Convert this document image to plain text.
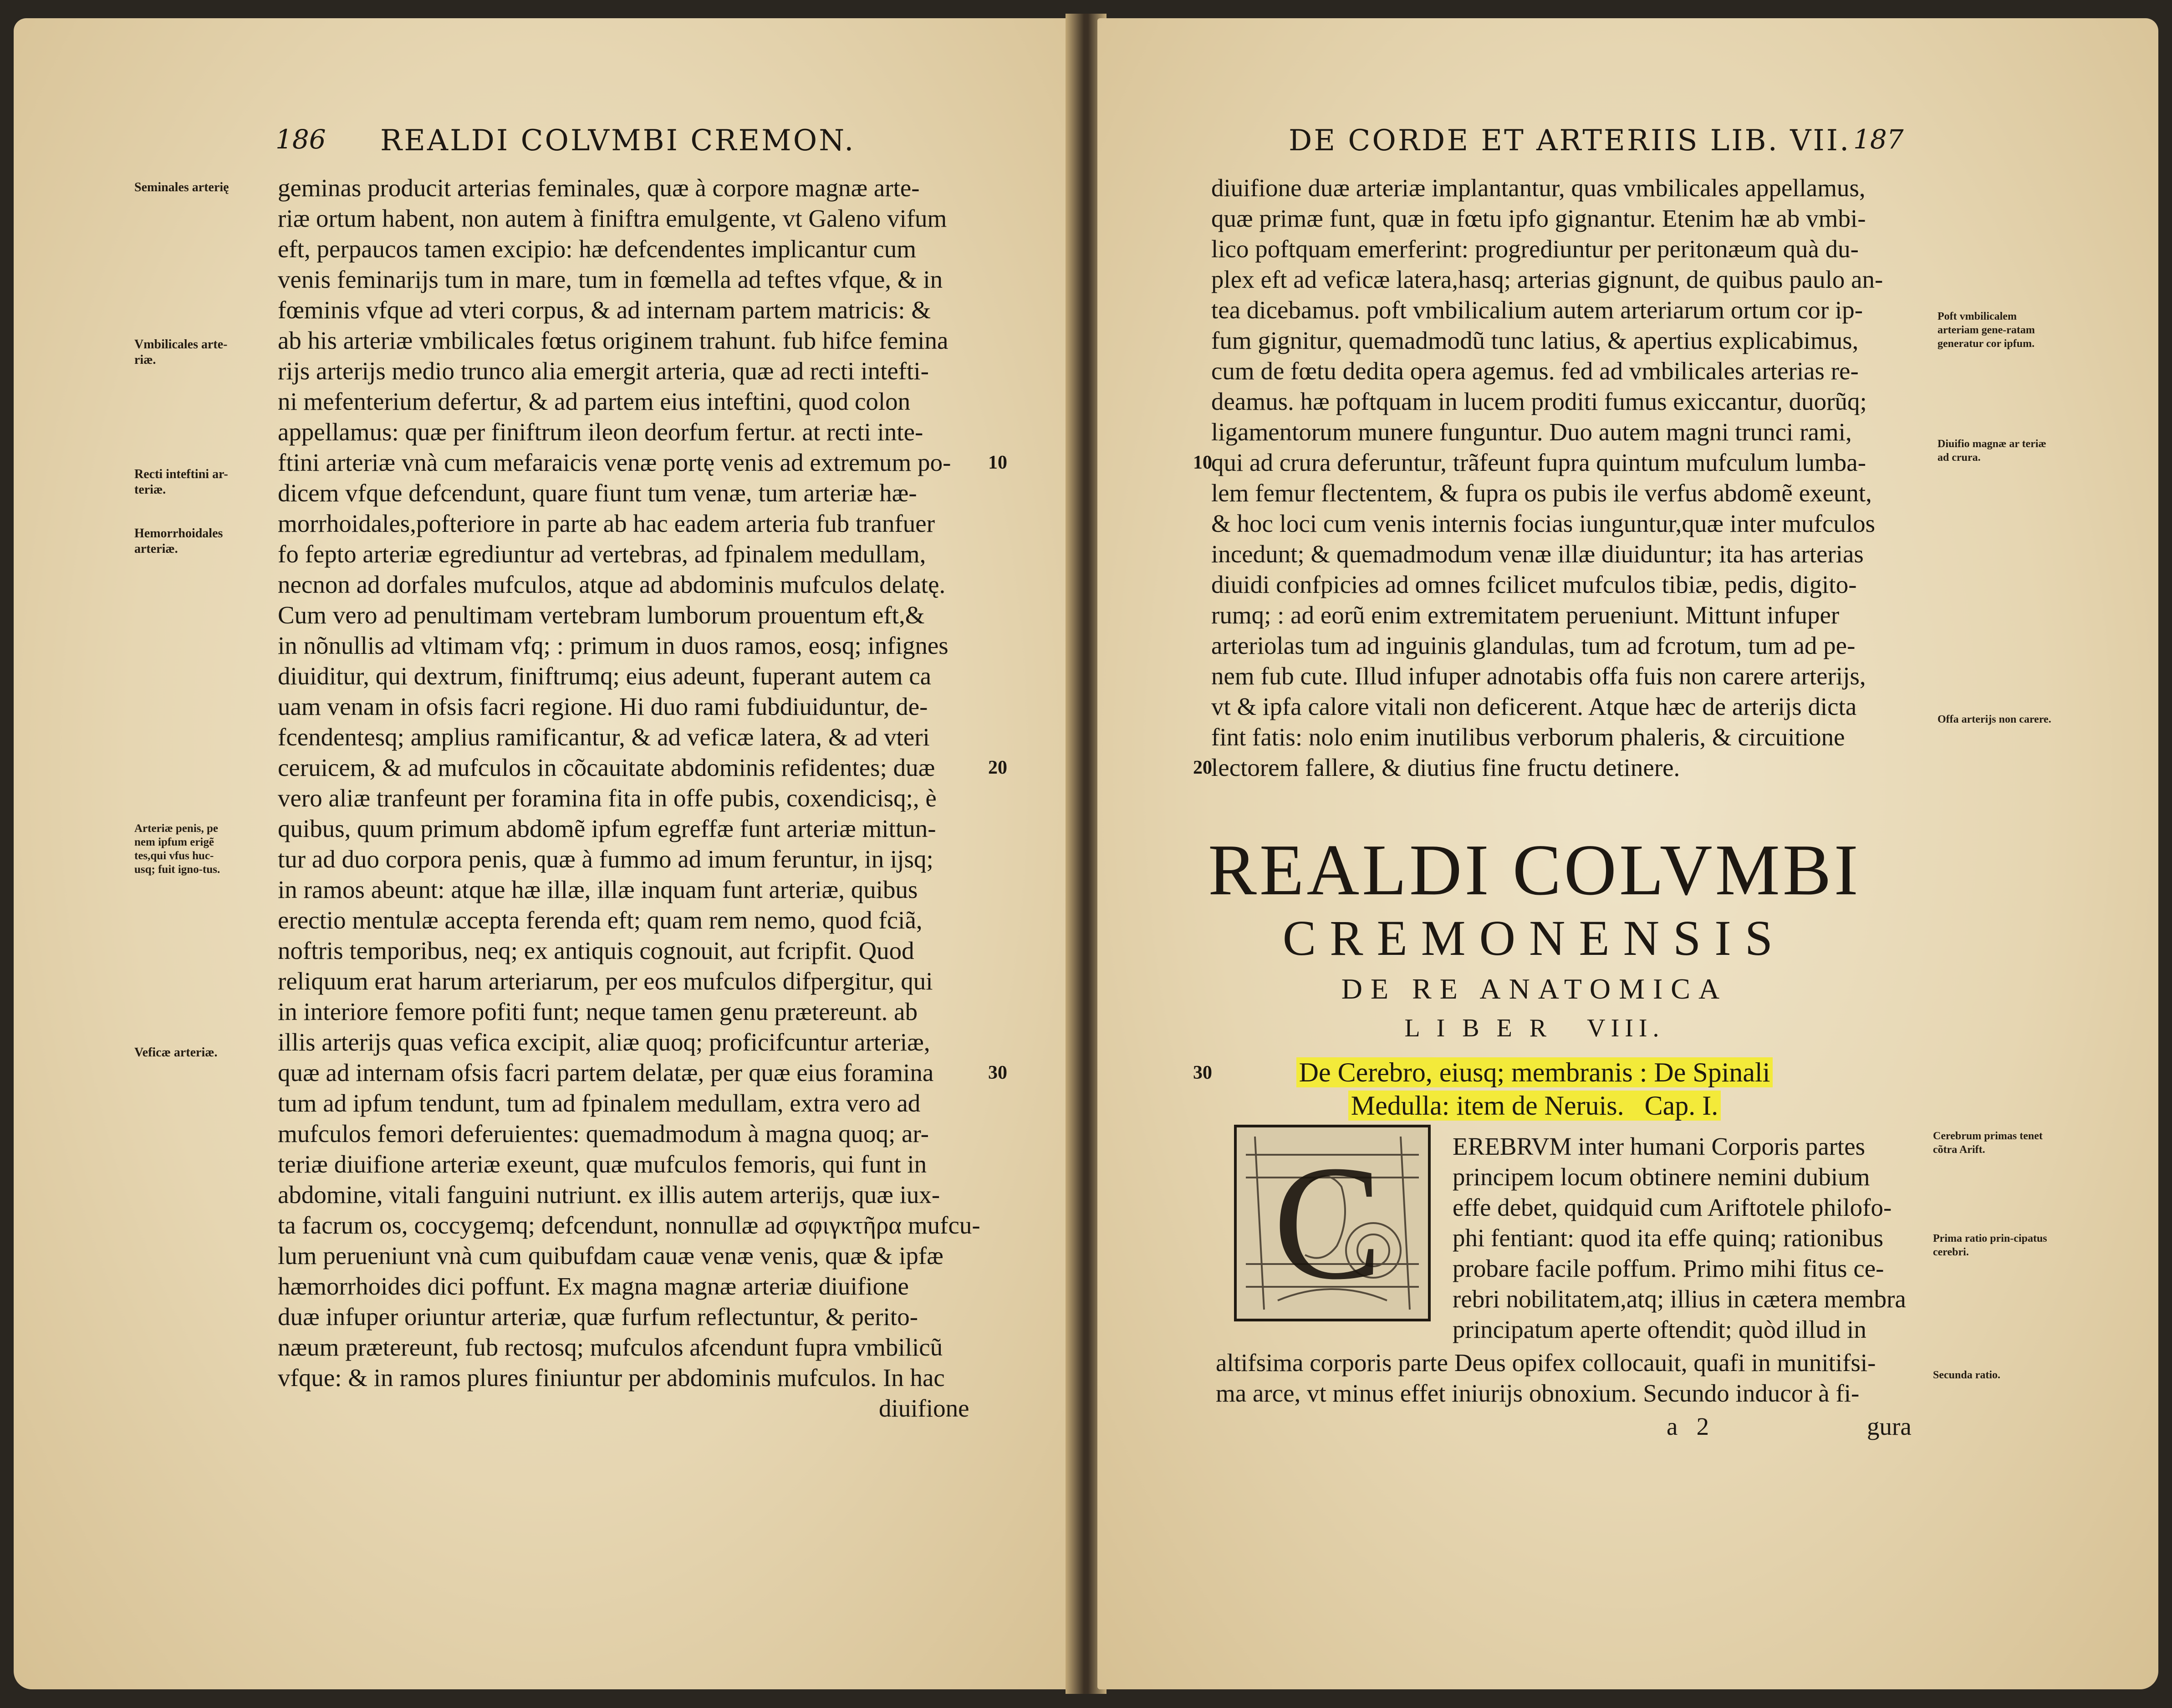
186 REALDI COLVMBI CREMON.
Seminales arterię
Vmbilicales arte-riæ.
Recti inteftini ar-teriæ.
Hemorrhoidales arteriæ.
Arteriæ penis, pe nem ipfum erigẽ tes,qui vfus huc-usq; fuit igno-tus.
Veficæ arteriæ.
geminas producit arterias feminales, quæ à corpore magnæ arte-
riæ ortum habent, non autem à finiftra emulgente, vt Galeno vifum
eft, perpaucos tamen excipio: hæ defcendentes implicantur cum
venis feminarijs tum in mare, tum in fœmella ad teftes vfque, & in
fœminis vfque ad vteri corpus, & ad internam partem matricis: &
ab his arteriæ vmbilicales fœtus originem trahunt. fub hifce femina
rijs arterijs medio trunco alia emergit arteria, quæ ad recti intefti-
ni mefenterium defertur, & ad partem eius inteftini, quod colon
appellamus: quæ per finiftrum ileon deorfum fertur. at recti inte-
ftini arteriæ vnà cum mefaraicis venæ portę venis ad extremum po-
dicem vfque defcendunt, quare fiunt tum venæ, tum arteriæ hæ-
morrhoidales,pofteriore in parte ab hac eadem arteria fub tranfuer
fo fepto arteriæ egrediuntur ad vertebras, ad fpinalem medullam,
necnon ad dorfales mufculos, atque ad abdominis mufculos delatę.
Cum vero ad penultimam vertebram lumborum prouentum eft,&
in nõnullis ad vltimam vfq; : primum in duos ramos, eosq; infignes
diuiditur, qui dextrum, finiftrumq; eius adeunt, fuperant autem ca
uam venam in ofsis facri regione. Hi duo rami fubdiuiduntur, de-
fcendentesq; amplius ramificantur, & ad veficæ latera, & ad vteri
ceruicem, & ad mufculos in cõcauitate abdominis refidentes; duæ
vero aliæ tranfeunt per foramina fita in offe pubis, coxendicisq;, è
quibus, quum primum abdomẽ ipfum egreffæ funt arteriæ mittun-
tur ad duo corpora penis, quæ à fummo ad imum feruntur, in ijsq;
in ramos abeunt: atque hæ illæ, illæ inquam funt arteriæ, quibus
erectio mentulæ accepta ferenda eft; quam rem nemo, quod fciã,
noftris temporibus, neq; ex antiquis cognouit, aut fcripfit. Quod
reliquum erat harum arteriarum, per eos mufculos difpergitur, qui
in interiore femore pofiti funt; neque tamen genu prætereunt. ab
illis arterijs quas vefica excipit, aliæ quoq; proficifcuntur arteriæ,
quæ ad internam ofsis facri partem delatæ, per quæ eius foramina
tum ad ipfum tendunt, tum ad fpinalem medullam, extra vero ad
mufculos femori deferuientes: quemadmodum à magna quoq; ar-
teriæ diuifione arteriæ exeunt, quæ mufculos femoris, qui funt in
abdomine, vitali fanguini nutriunt. ex illis autem arterijs, quæ iux-
ta facrum os, coccygemq; defcendunt, nonnullæ ad σφιγκτῆρα mufcu-
lum perueniunt vnà cum quibufdam cauæ venæ venis, quæ & ipfæ
hæmorrhoides dici poffunt. Ex magna magnæ arteriæ diuifione
duæ infuper oriuntur arteriæ, quæ furfum reflectuntur, & perito-
næum prætereunt, fub rectosq; mufculos afcendunt fupra vmbilicũ
vfque: & in ramos plures finiuntur per abdominis mufculos. In hac
diuifione
10
20
30
DE CORDE ET ARTERIIS LIB. VII. 187
diuifione duæ arteriæ implantantur, quas vmbilicales appellamus,
quæ primæ funt, quæ in fœtu ipfo gignantur. Etenim hæ ab vmbi-
lico poftquam emerferint: progrediuntur per peritonæum quà du-
plex eft ad veficæ latera,hasq; arterias gignunt, de quibus paulo an-
tea dicebamus. poft vmbilicalium autem arteriarum ortum cor ip-
fum gignitur, quemadmodũ tunc latius, & apertius explicabimus,
cum de fœtu dedita opera agemus. fed ad vmbilicales arterias re-
deamus. hæ poftquam in lucem proditi fumus exiccantur, duorũq;
ligamentorum munere funguntur. Duo autem magni trunci rami,
qui ad crura deferuntur, trãfeunt fupra quintum mufculum lumba-
lem femur flectentem, & fupra os pubis ile verfus abdomẽ exeunt,
& hoc loci cum venis internis focias iunguntur,quæ inter mufculos
incedunt; & quemadmodum venæ illæ diuiduntur; ita has arterias
diuidi confpicies ad omnes fcilicet mufculos tibiæ, pedis, digito-
rumq; : ad eorũ enim extremitatem perueniunt. Mittunt infuper
arteriolas tum ad inguinis glandulas, tum ad fcrotum, tum ad pe-
nem fub cute. Illud infuper adnotabis offa fuis non carere arterijs,
vt & ipfa calore vitali non deficerent. Atque hæc de arterijs dicta
fint fatis: nolo enim inutilibus verborum phaleris, & circuitione
lectorem fallere, & diutius fine fructu detinere.
10
20
30
Poft vmbilicalem arteriam gene-ratam generatur cor ipfum.
Diuifio magnæ ar teriæ ad crura.
Offa arterijs non carere.
Cerebrum primas tenet cõtra Arift.
Prima ratio prin-cipatus cerebri.
Secunda ratio.
REALDI COLVMBI
CREMONENSIS
DE RE ANATOMICA
L I B E R   VIII.
De Cerebro, eiusq; membranis : De Spinali
Medulla: item de Neruis.   Cap. I.
C	EREBRVM inter humani Corporis partes
principem locum obtinere nemini dubium
effe debet, quidquid cum Ariftotele philofo-
phi fentiant: quod ita effe quinq; rationibus
probare facile poffum. Primo mihi fitus ce-
rebri nobilitatem,atq; illius in cætera membra
principatum aperte oftendit; quòd illud in
altifsima corporis parte Deus opifex collocauit, quafi in munitifsi-
ma arce, vt minus effet iniurijs obnoxium. Secundo inducor à fi-
a   2	gura
